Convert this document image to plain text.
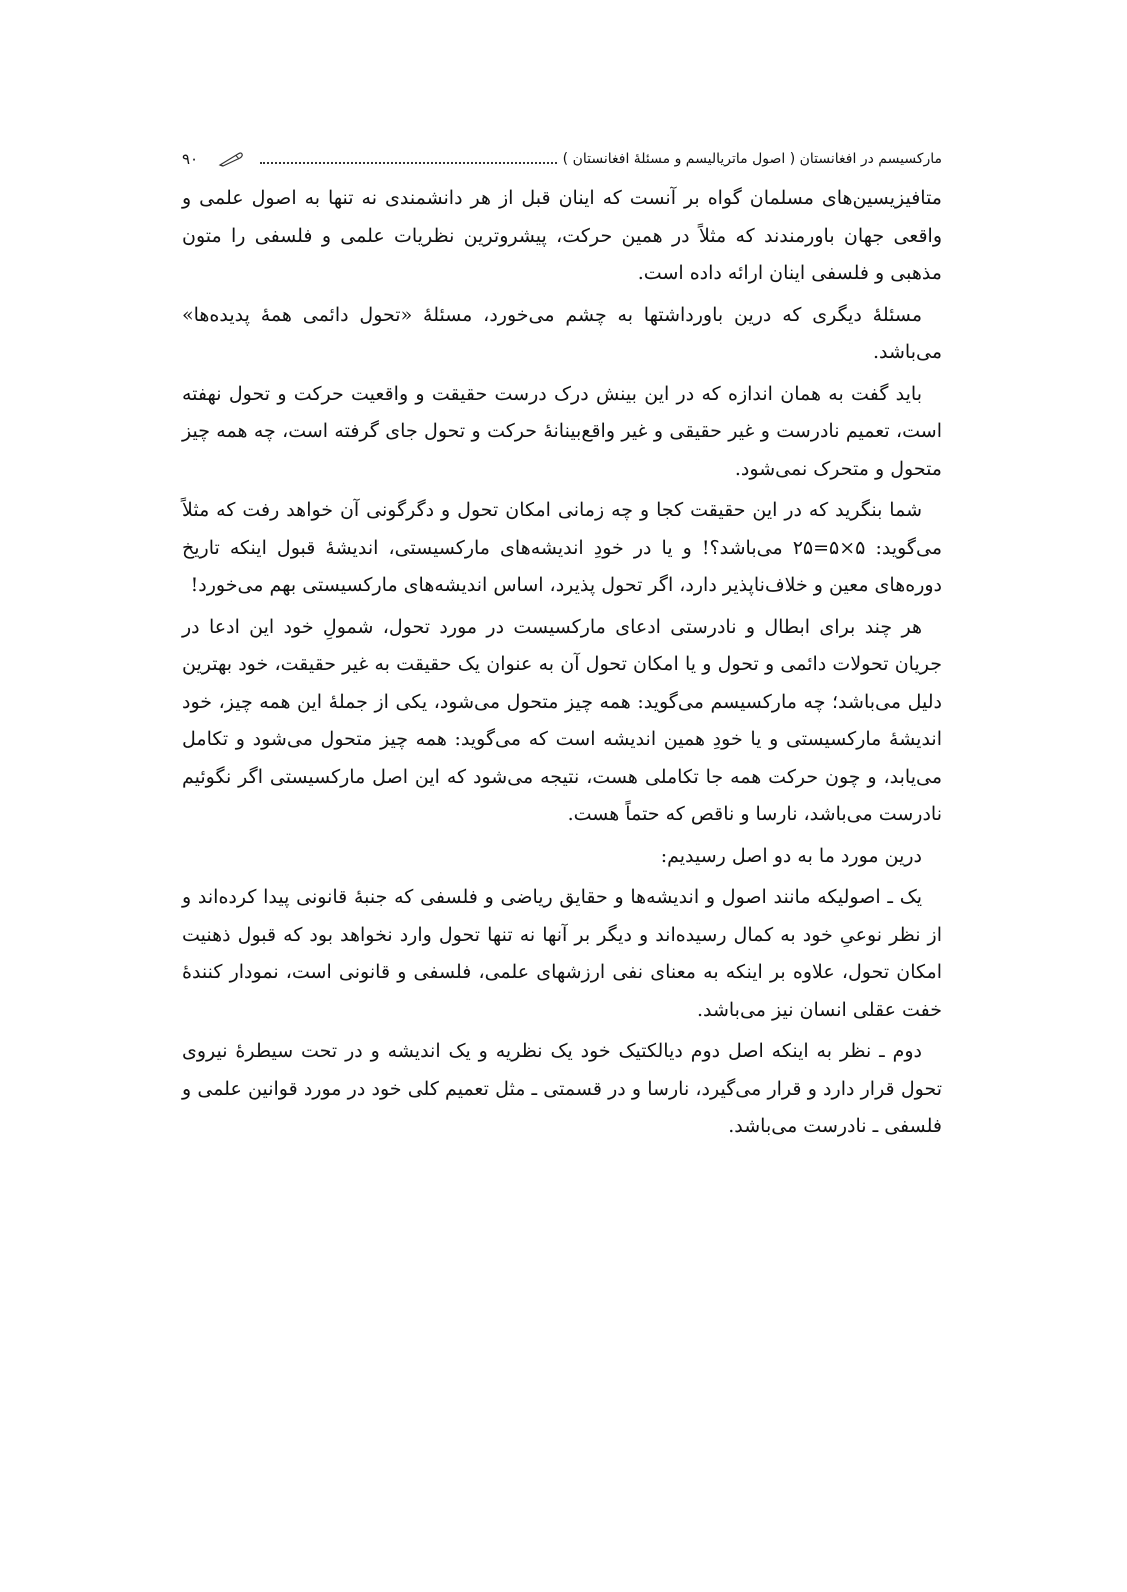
مارکسیسم در افغانستان ( اصول ماتریالیسم و مسئلهٔ افغانستان )
۹۰

متافیزیسین‌های مسلمان گواه بر آنست که اینان قبل از هر دانشمندی نه تنها به اصول علمی و واقعی جهان باورمندند که مثلاً در همین حرکت، پیشروترین نظریات علمی و فلسفی را متون مذهبی و فلسفی اینان ارائه داده است.

مسئلهٔ دیگری که درین باورداشتها به چشم می‌خورد، مسئلهٔ «تحول دائمی همهٔ پدیده‌ها» می‌باشد.

باید گفت به همان اندازه که در این بینش درک درست حقیقت و واقعیت حرکت و تحول نهفته است، تعمیم نادرست و غیر حقیقی و غیر واقع‌بینانهٔ حرکت و تحول جای گرفته است، چه همه چیز متحول و متحرک نمی‌شود.

شما بنگرید که در این حقیقت کجا و چه زمانی امکان تحول و دگرگونی آن خواهد رفت که مثلاً می‌گوید: ۵×۵=۲۵ می‌باشد؟! و یا در خودِ اندیشه‌های مارکسیستی، اندیشهٔ قبول اینکه تاریخ دوره‌های معین و خلاف‌ناپذیر دارد، اگر تحول پذیرد، اساس اندیشه‌های مارکسیستی بهم می‌خورد!

هر چند برای ابطال و نادرستی ادعای مارکسیست در مورد تحول، شمولِ خود این ادعا در جریان تحولات دائمی و تحول و یا امکان تحول آن به عنوان یک حقیقت به غیر حقیقت، خود بهترین دلیل می‌باشد؛ چه مارکسیسم می‌گوید: همه چیز متحول می‌شود، یکی از جملهٔ این همه چیز، خود اندیشهٔ مارکسیستی و یا خودِ همین اندیشه است که می‌گوید: همه چیز متحول می‌شود و تکامل می‌یابد، و چون حرکت همه جا تکاملی هست، نتیجه می‌شود که این اصل مارکسیستی اگر نگوئیم نادرست می‌باشد، نارسا و ناقص که حتماً هست.

درین مورد ما به دو اصل رسیدیم:

یک ـ اصولیکه مانند اصول و اندیشه‌ها و حقایق ریاضی و فلسفی که جنبهٔ قانونی پیدا کرده‌اند و از نظر نوعیِ خود به کمال رسیده‌اند و دیگر بر آنها نه تنها تحول وارد نخواهد بود که قبول ذهنیت امکان تحول، علاوه بر اینکه به معنای نفی ارزشهای علمی، فلسفی و قانونی است، نمودار کنندهٔ خفت عقلی انسان نیز می‌باشد.

دوم ـ نظر به اینکه اصل دوم دیالکتیک خود یک نظریه و یک اندیشه و در تحت سیطرهٔ نیروی تحول قرار دارد و قرار می‌گیرد، نارسا و در قسمتی ـ مثل تعمیم کلی خود در مورد قوانین علمی و فلسفی ـ نادرست می‌باشد.
